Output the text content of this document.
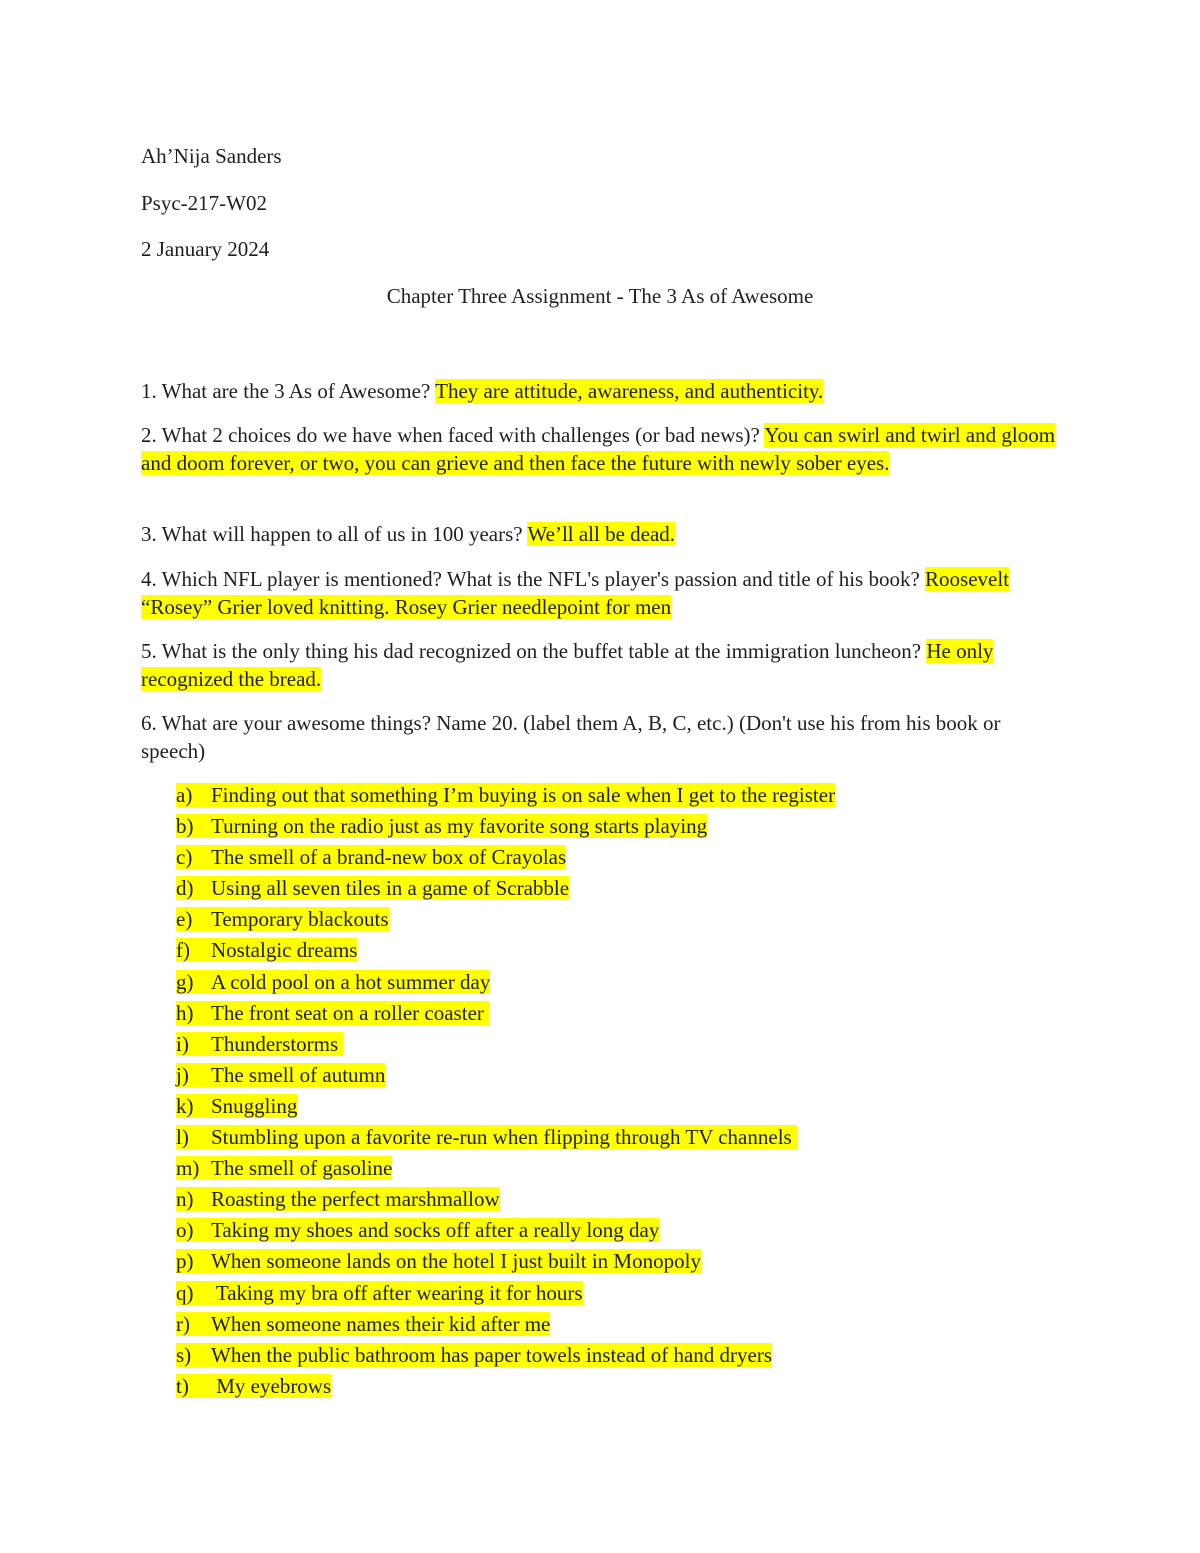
Ah’Nija Sanders

Psyc-217-W02

2 January 2024

Chapter Three Assignment - The 3 As of Awesome

1. What are the 3 As of Awesome? They are attitude, awareness, and authenticity.

2. What 2 choices do we have when faced with challenges (or bad news)? You can swirl and twirl and gloom and doom forever, or two, you can grieve and then face the future with newly sober eyes.

3. What will happen to all of us in 100 years? We’ll all be dead.

4. Which NFL player is mentioned? What is the NFL's player's passion and title of his book? Roosevelt “Rosey” Grier loved knitting. Rosey Grier needlepoint for men

5. What is the only thing his dad recognized on the buffet table at the immigration luncheon? He only recognized the bread.

6. What are your awesome things? Name 20. (label them A, B, C, etc.) (Don't use his from his book or speech)

a) Finding out that something I’m buying is on sale when I get to the register
b) Turning on the radio just as my favorite song starts playing
c) The smell of a brand-new box of Crayolas
d) Using all seven tiles in a game of Scrabble
e) Temporary blackouts
f) Nostalgic dreams
g) A cold pool on a hot summer day
h) The front seat on a roller coaster
i) Thunderstorms
j) The smell of autumn
k) Snuggling
l) Stumbling upon a favorite re-run when flipping through TV channels
m) The smell of gasoline
n) Roasting the perfect marshmallow
o) Taking my shoes and socks off after a really long day
p) When someone lands on the hotel I just built in Monopoly
q) Taking my bra off after wearing it for hours
r) When someone names their kid after me
s) When the public bathroom has paper towels instead of hand dryers
t) My eyebrows
